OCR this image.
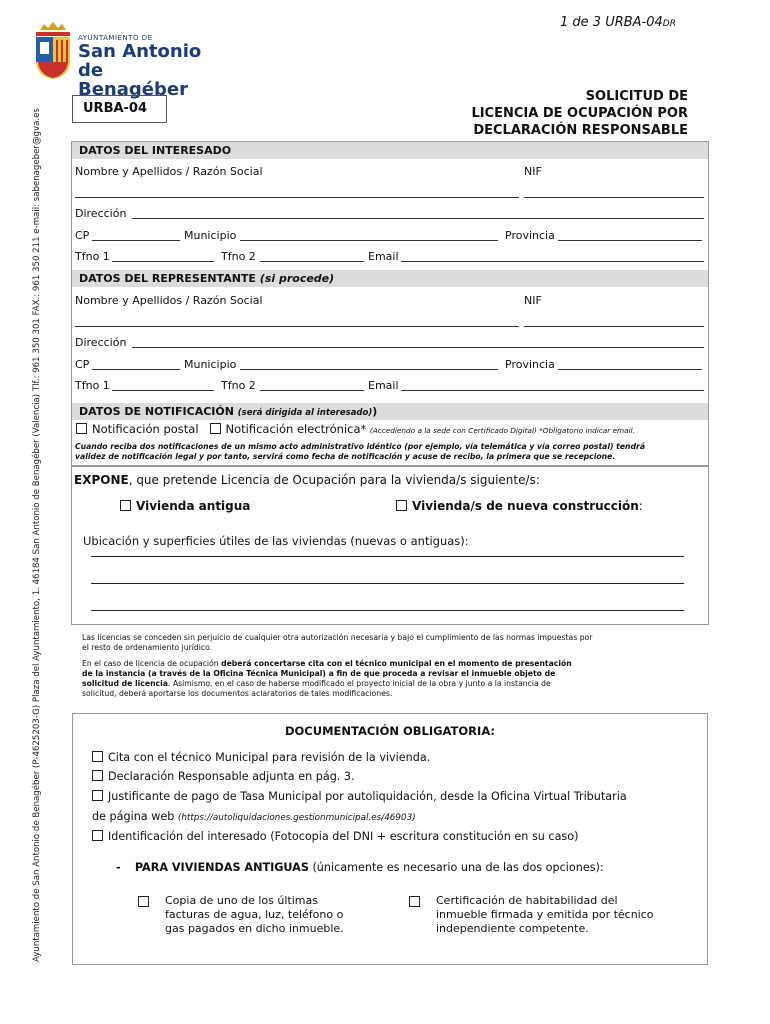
1 de 3 URBA-04DR
AYUNTAMIENTO DE
San Antonio
de Benagéber
Ayuntamiento de San Antonio de Benagéber (P-4625203-G) Plaza del Ayuntamiento, 1. 46184 San Antonio de Benagéber (Valencia) Tlf.: 961 350 301 FAX.: 961 350 211 e-mail: sabenageber@gva.es	URBA-04
SOLICITUD DE
LICENCIA DE OCUPACIÓN POR
DECLARACIÓN RESPONSABLE
DATOS DEL INTERESADO
Nombre y Apellidos / Razón Social	NIF
Dirección
CP	Municipio	Provincia
Tfno 1	Tfno 2	Email
DATOS DEL REPRESENTANTE (si procede)
Nombre y Apellidos / Razón Social	NIF
Dirección
CP	Municipio	Provincia
Tfno 1	Tfno 2	Email
DATOS DE NOTIFICACIÓN (será dirigida al interesado))
Notificación postal Notificación electrónica* (Accediendo a la sede con Certificado Digital) *Obligatorio indicar email.
Cuando reciba dos notificaciones de un mismo acto administrativo idéntico (por ejemplo, vía telemática y vía correo postal) tendrá
validez de notificación legal y por tanto, servirá como fecha de notificación y acuse de recibo, la primera que se recepcione.
EXPONE, que pretende Licencia de Ocupación para la vivienda/s siguiente/s:
Vivienda antigua	Vivienda/s de nueva construcción:
Ubicación y superficies útiles de las viviendas (nuevas o antiguas):
Las licencias se conceden sin perjuicio de cualquier otra autorización necesaria y bajo el cumplimiento de las normas impuestas por
el resto de ordenamiento jurídico.
En el caso de licencia de ocupación deberá concertarse cita con el técnico municipal en el momento de presentación
de la instancia (a través de la Oficina Técnica Municipal) a fin de que proceda a revisar el inmueble objeto de
solicitud de licencia. Asimismo, en el caso de haberse modificado el proyecto inicial de la obra y junto a la instancia de
solicitud, deberá aportarse los documentos aclaratorios de tales modificaciones.
DOCUMENTACIÓN OBLIGATORIA:
Cita con el técnico Municipal para revisión de la vivienda.
Declaración Responsable adjunta en pág. 3.
Justificante de pago de Tasa Municipal por autoliquidación, desde la Oficina Virtual Tributaria
de página web (https://autoliquidaciones.gestionmunicipal.es/46903)
Identificación del interesado (Fotocopia del DNI + escritura constitución en su caso)
- PARA VIVIENDAS ANTIGUAS (únicamente es necesario una de las dos opciones):
Copia de uno de los últimas
facturas de agua, luz, teléfono o
gas pagados en dicho inmueble.
Certificación de habitabilidad del
inmueble firmada y emitida por técnico
independiente competente.
